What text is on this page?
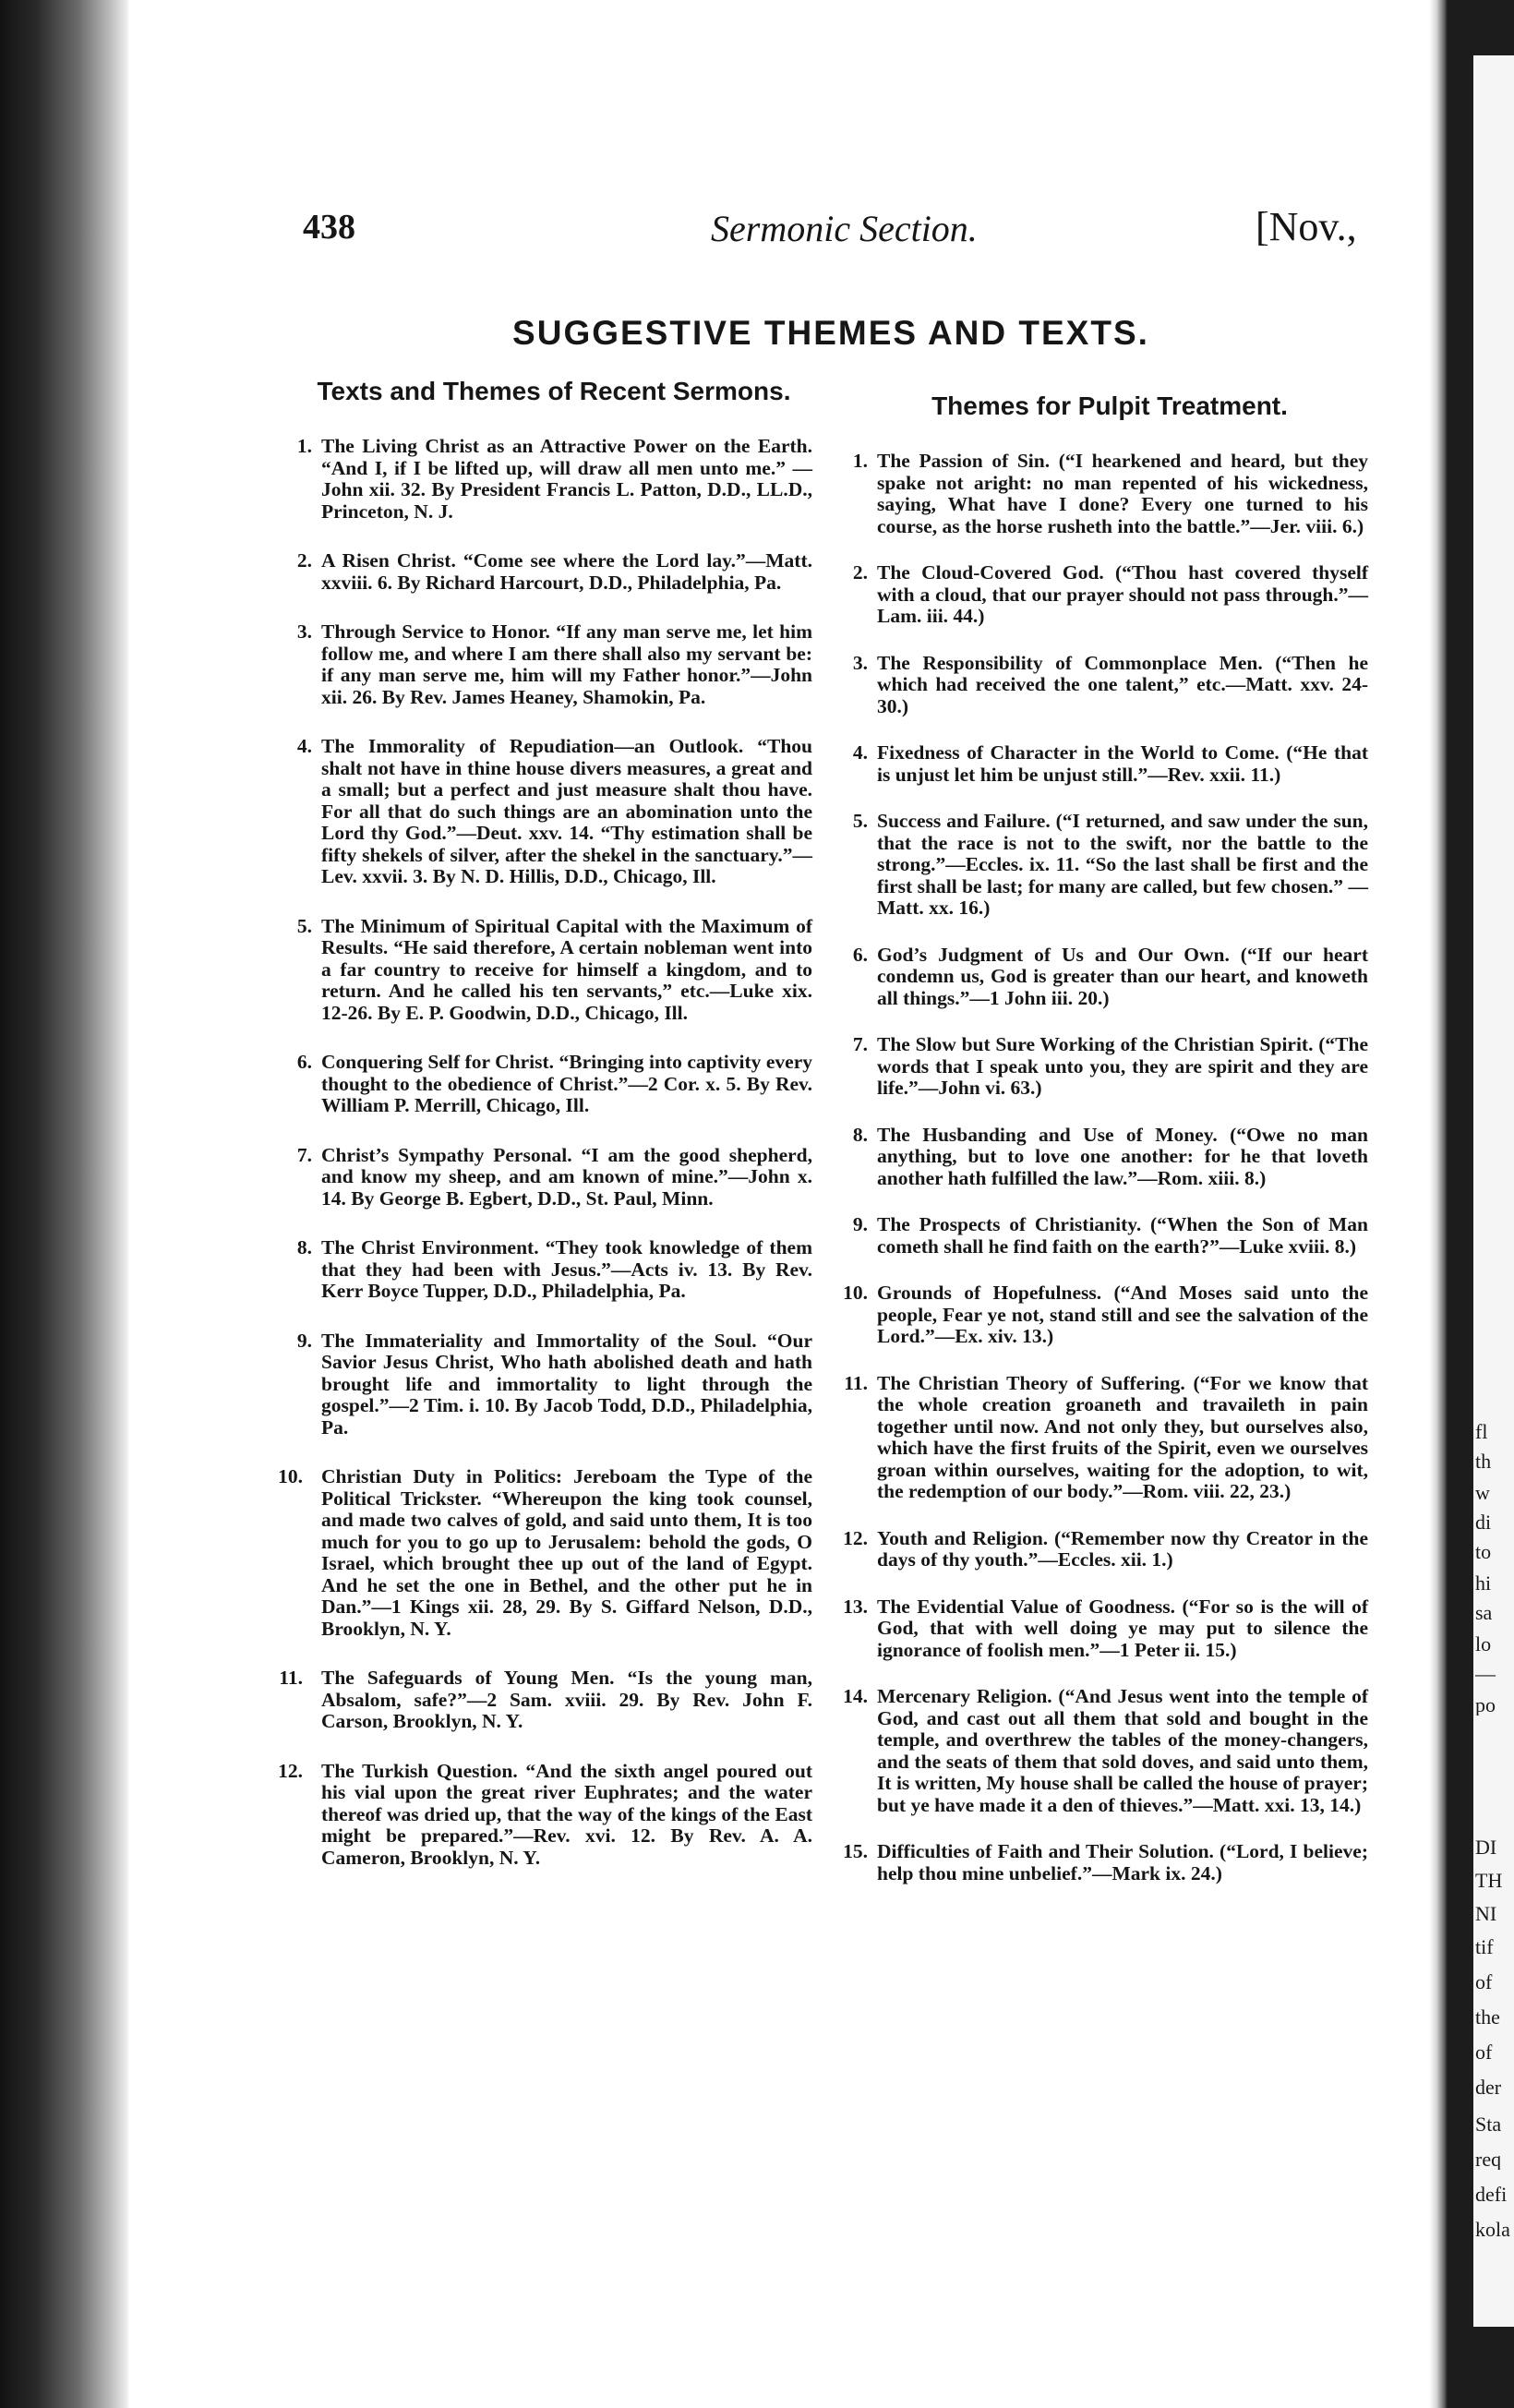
fl
th
w
di
to
hi
sa
lo
—
po
DI
TH
NI
tif
of
the
of
der
Sta
req
defi
kola
438	Sermonic Section.	[Nov.,
SUGGESTIVE THEMES AND TEXTS.
Texts and Themes of Recent Sermons.
1. The Living Christ as an Attractive Power on the Earth. “And I, if I be lifted up, will draw all men unto me.” —John xii. 32. By President Francis L. Patton, D.D., LL.D., Princeton, N. J.
2. A Risen Christ. “Come see where the Lord lay.”—Matt. xxviii. 6. By Richard Harcourt, D.D., Philadelphia, Pa.
3. Through Service to Honor. “If any man serve me, let him follow me, and where I am there shall also my servant be: if any man serve me, him will my Father honor.”—John xii. 26. By Rev. James Heaney, Shamokin, Pa.
4. The Immorality of Repudiation—an Outlook. “Thou shalt not have in thine house divers measures, a great and a small; but a perfect and just measure shalt thou have. For all that do such things are an abomination unto the Lord thy God.”—Deut. xxv. 14. “Thy estimation shall be fifty shekels of silver, after the shekel in the sanctuary.”—Lev. xxvii. 3. By N. D. Hillis, D.D., Chicago, Ill.
5. The Minimum of Spiritual Capital with the Maximum of Results. “He said therefore, A certain nobleman went into a far country to receive for himself a kingdom, and to return. And he called his ten servants,” etc.—Luke xix. 12-26. By E. P. Goodwin, D.D., Chicago, Ill.
6. Conquering Self for Christ. “Bringing into captivity every thought to the obedience of Christ.”—2 Cor. x. 5. By Rev. William P. Merrill, Chicago, Ill.
7. Christ’s Sympathy Personal. “I am the good shepherd, and know my sheep, and am known of mine.”—John x. 14. By George B. Egbert, D.D., St. Paul, Minn.
8. The Christ Environment. “They took knowledge of them that they had been with Jesus.”—Acts iv. 13. By Rev. Kerr Boyce Tupper, D.D., Philadelphia, Pa.
9. The Immateriality and Immortality of the Soul. “Our Savior Jesus Christ, Who hath abolished death and hath brought life and immortality to light through the gospel.”—2 Tim. i. 10. By Jacob Todd, D.D., Philadelphia, Pa.
10. Christian Duty in Politics: Jereboam the Type of the Political Trickster. “Whereupon the king took counsel, and made two calves of gold, and said unto them, It is too much for you to go up to Jerusalem: behold the gods, O Israel, which brought thee up out of the land of Egypt. And he set the one in Bethel, and the other put he in Dan.”—1 Kings xii. 28, 29. By S. Giffard Nelson, D.D., Brooklyn, N. Y.
11. The Safeguards of Young Men. “Is the young man, Absalom, safe?”—2 Sam. xviii. 29. By Rev. John F. Carson, Brooklyn, N. Y.
12. The Turkish Question. “And the sixth angel poured out his vial upon the great river Euphrates; and the water thereof was dried up, that the way of the kings of the East might be prepared.”—Rev. xvi. 12. By Rev. A. A. Cameron, Brooklyn, N. Y.
Themes for Pulpit Treatment.
1. The Passion of Sin. (“I hearkened and heard, but they spake not aright: no man repented of his wickedness, saying, What have I done? Every one turned to his course, as the horse rusheth into the battle.”—Jer. viii. 6.)
2. The Cloud-Covered God. (“Thou hast covered thyself with a cloud, that our prayer should not pass through.”—Lam. iii. 44.)
3. The Responsibility of Commonplace Men. (“Then he which had received the one talent,” etc.—Matt. xxv. 24-30.)
4. Fixedness of Character in the World to Come. (“He that is unjust let him be unjust still.”—Rev. xxii. 11.)
5. Success and Failure. (“I returned, and saw under the sun, that the race is not to the swift, nor the battle to the strong.”—Eccles. ix. 11. “So the last shall be first and the first shall be last; for many are called, but few chosen.” —Matt. xx. 16.)
6. God’s Judgment of Us and Our Own. (“If our heart condemn us, God is greater than our heart, and knoweth all things.”—1 John iii. 20.)
7. The Slow but Sure Working of the Christian Spirit. (“The words that I speak unto you, they are spirit and they are life.”—John vi. 63.)
8. The Husbanding and Use of Money. (“Owe no man anything, but to love one another: for he that loveth another hath fulfilled the law.”—Rom. xiii. 8.)
9. The Prospects of Christianity. (“When the Son of Man cometh shall he find faith on the earth?”—Luke xviii. 8.)
10. Grounds of Hopefulness. (“And Moses said unto the people, Fear ye not, stand still and see the salvation of the Lord.”—Ex. xiv. 13.)
11. The Christian Theory of Suffering. (“For we know that the whole creation groaneth and travaileth in pain together until now. And not only they, but ourselves also, which have the first fruits of the Spirit, even we ourselves groan within ourselves, waiting for the adoption, to wit, the redemption of our body.”—Rom. viii. 22, 23.)
12. Youth and Religion. (“Remember now thy Creator in the days of thy youth.”—Eccles. xii. 1.)
13. The Evidential Value of Goodness. (“For so is the will of God, that with well doing ye may put to silence the ignorance of foolish men.”—1 Peter ii. 15.)
14. Mercenary Religion. (“And Jesus went into the temple of God, and cast out all them that sold and bought in the temple, and overthrew the tables of the money-changers, and the seats of them that sold doves, and said unto them, It is written, My house shall be called the house of prayer; but ye have made it a den of thieves.”—Matt. xxi. 13, 14.)
15. Difficulties of Faith and Their Solution. (“Lord, I believe; help thou mine unbelief.”—Mark ix. 24.)
